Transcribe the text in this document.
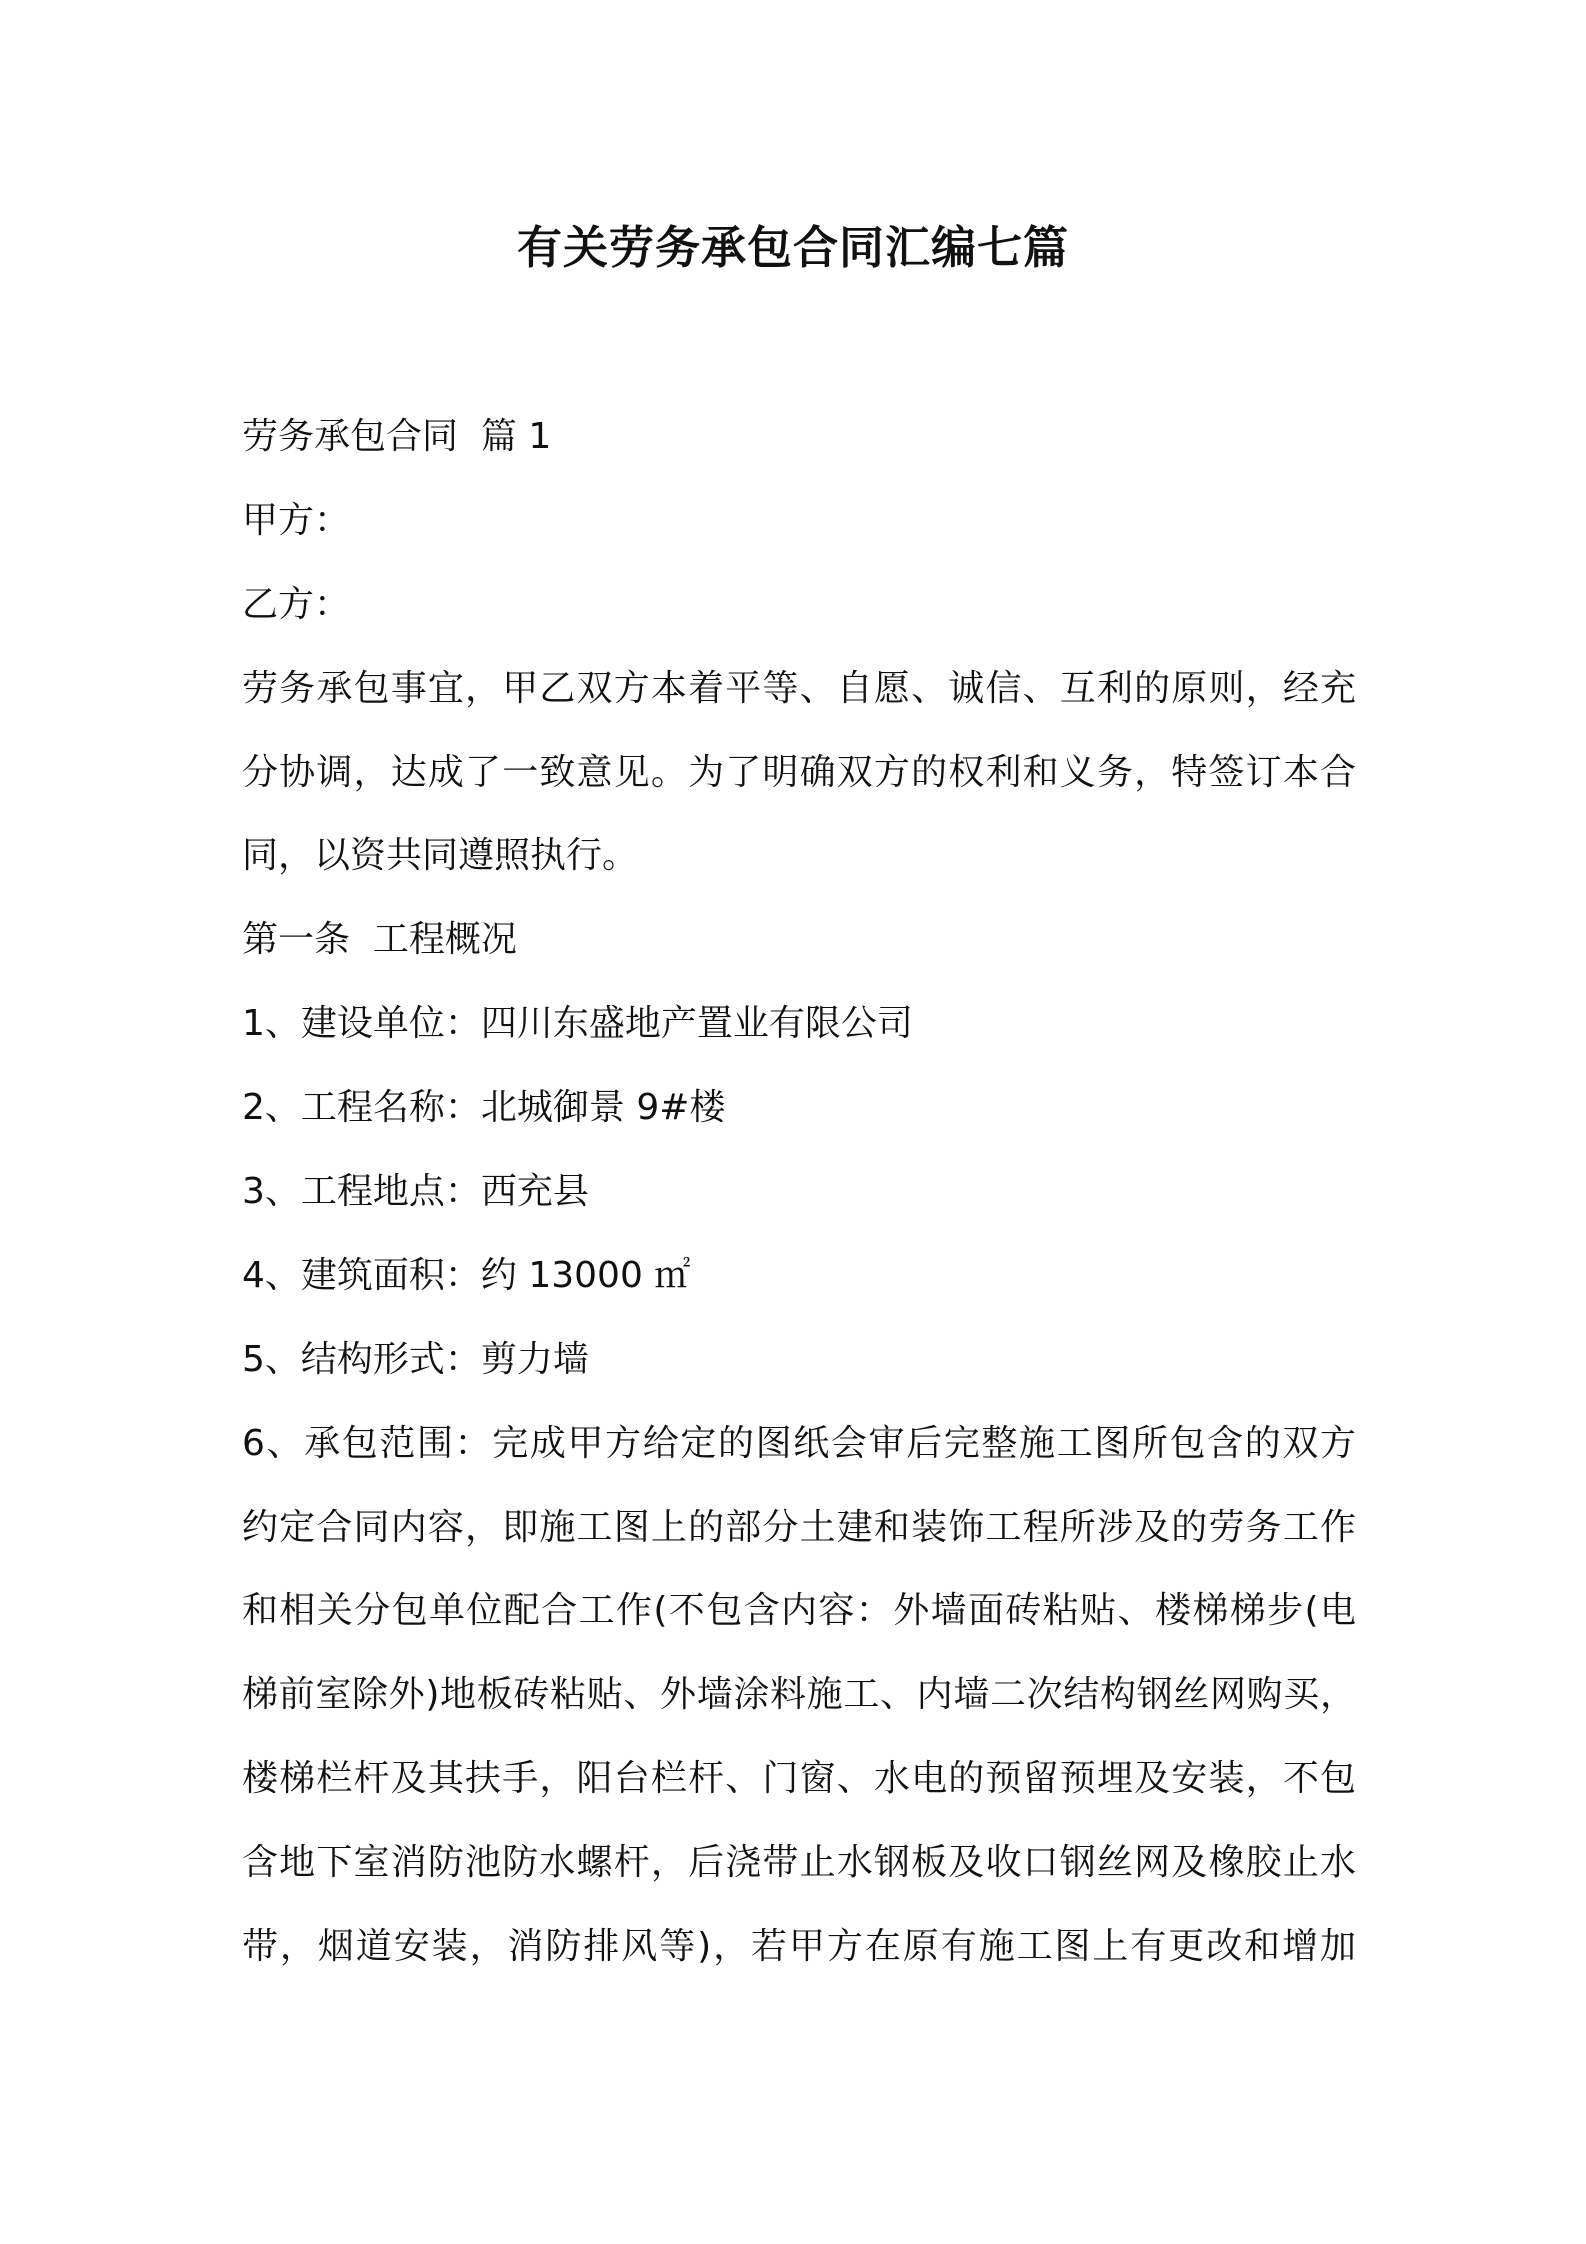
有关劳务承包合同汇编七篇
劳务承包合同  篇 1
甲方：
乙方：
劳务承包事宜，甲乙双方本着平等、自愿、诚信、互利的原则，经充
分协调，达成了一致意见。为了明确双方的权利和义务，特签订本合
同，以资共同遵照执行。
第一条  工程概况
1、建设单位：四川东盛地产置业有限公司
2、工程名称：北城御景 9#楼
3、工程地点：西充县
4、建筑面积：约 13000 ㎡
5、结构形式：剪力墙
6、承包范围：完成甲方给定的图纸会审后完整施工图所包含的双方
约定合同内容，即施工图上的部分土建和装饰工程所涉及的劳务工作
和相关分包单位配合工作(不包含内容：外墙面砖粘贴、楼梯梯步(电
梯前室除外)地板砖粘贴、外墙涂料施工、内墙二次结构钢丝网购买，
楼梯栏杆及其扶手，阳台栏杆、门窗、水电的预留预埋及安装，不包
含地下室消防池防水螺杆，后浇带止水钢板及收口钢丝网及橡胶止水
带，烟道安装，消防排风等)，若甲方在原有施工图上有更改和增加
